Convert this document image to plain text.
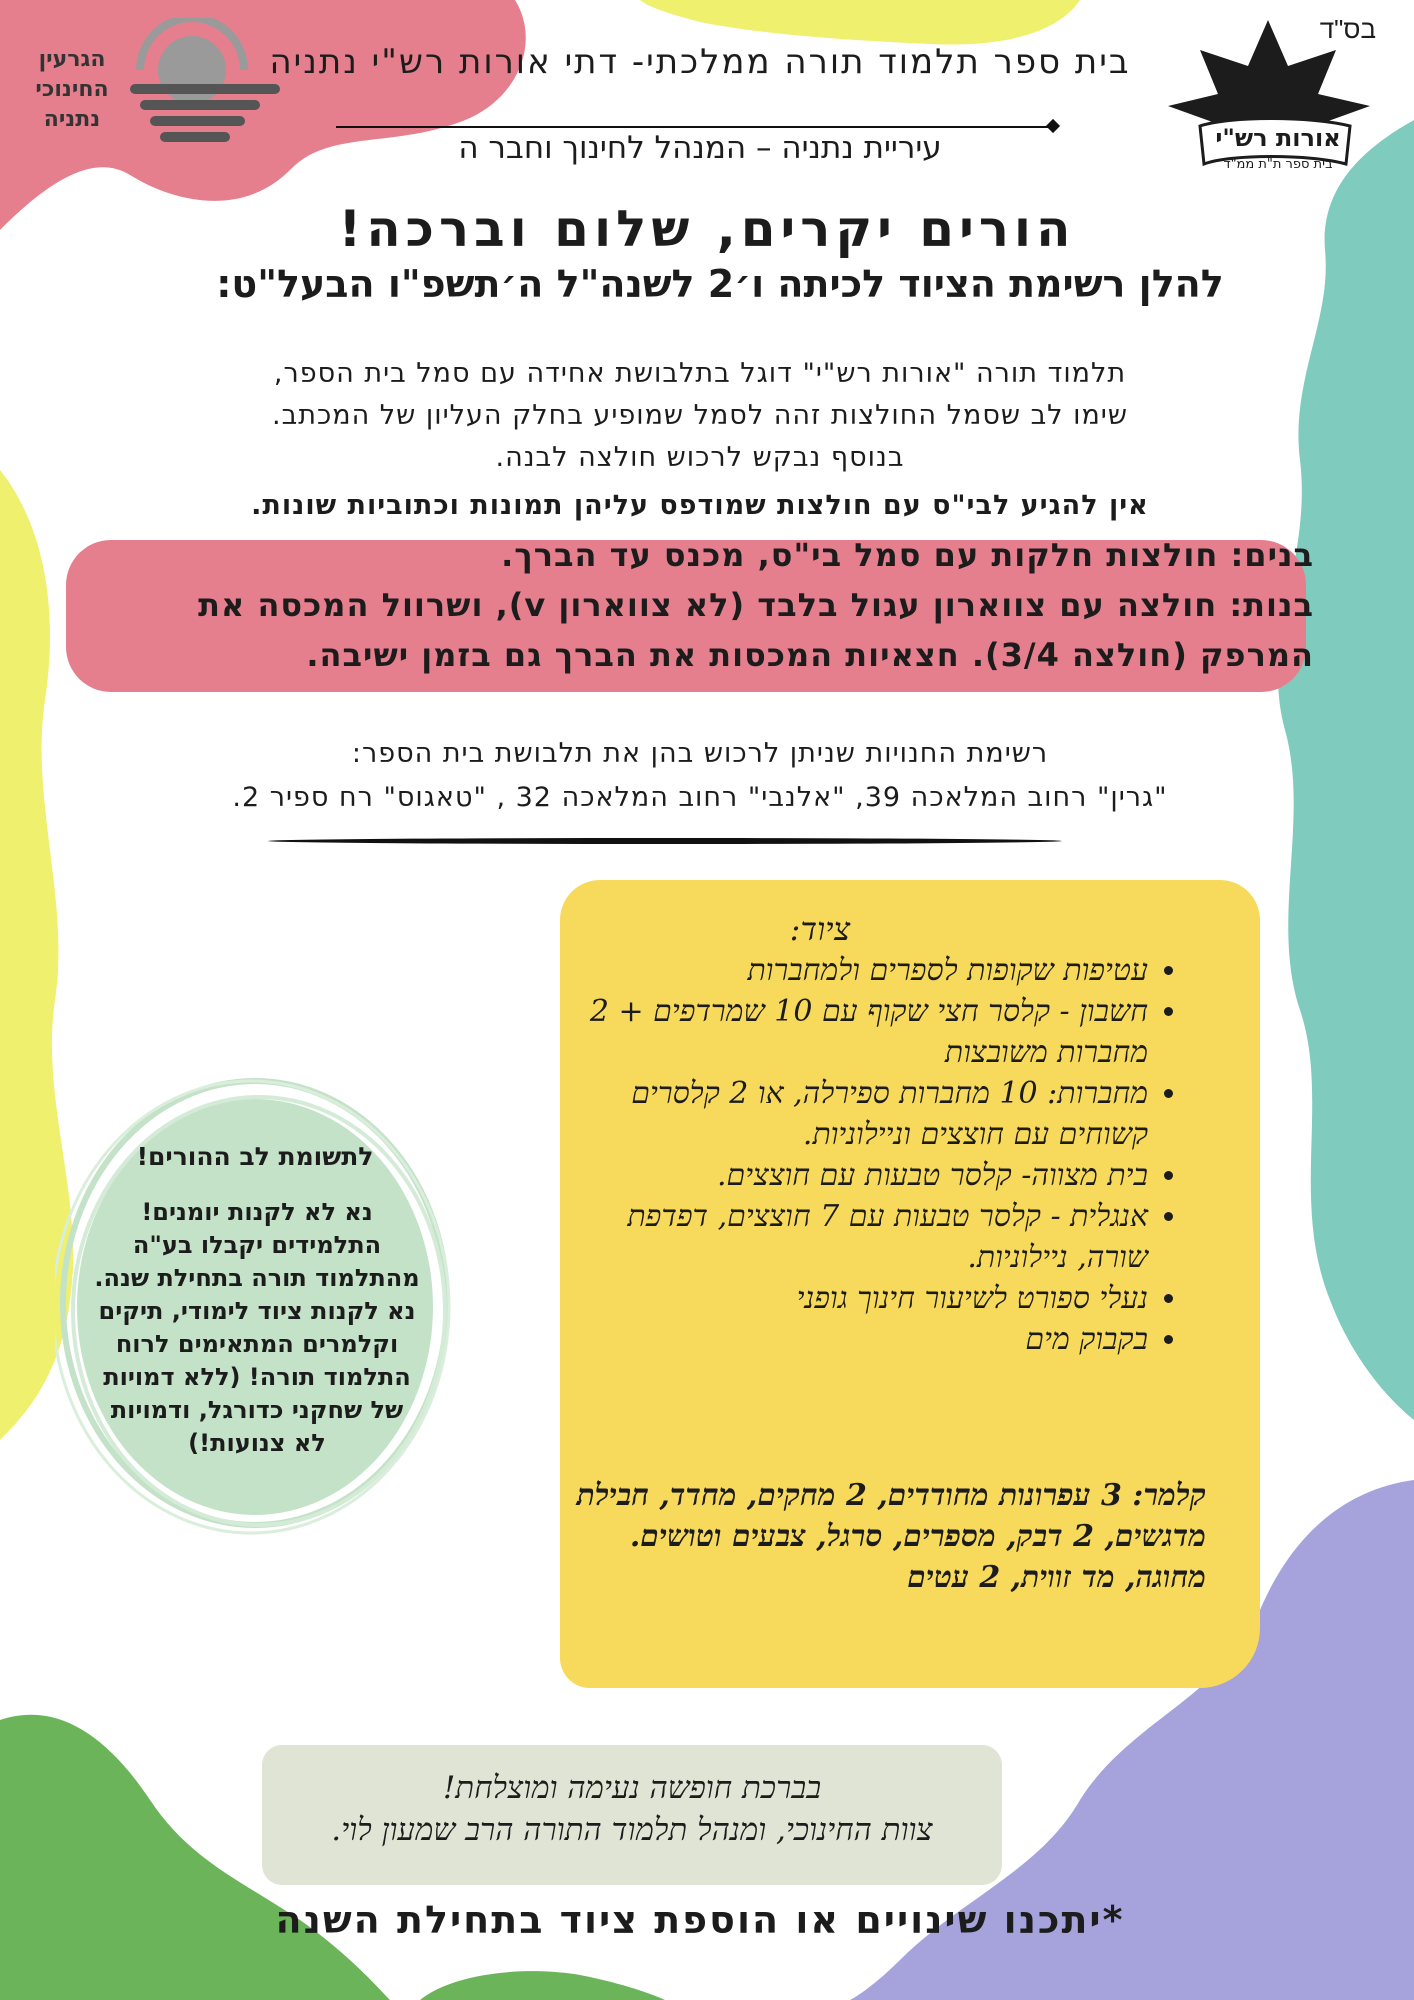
הגרעין
החינוכי
נתניה
אורות רש"י
בית ספר ת"ת ממ"ד
בס"ד
בית ספר תלמוד תורה ממלכתי- דתי אורות רש"י נתניה
עיריית נתניה – המנהל לחינוך וחבר ה
הורים יקרים, שלום וברכה!
להלן רשימת הציוד לכיתה ו׳2 לשנה"ל ה׳תשפ"ו הבעל"ט:
תלמוד תורה "אורות רש"י" דוגל בתלבושת אחידה עם סמל בית הספר,
שימו לב שסמל החולצות זהה לסמל שמופיע בחלק העליון של המכתב.
בנוסף נבקש לרכוש חולצה לבנה.
אין להגיע לבי"ס עם חולצות שמודפס עליהן תמונות וכתוביות שונות.
בנים: חולצות חלקות עם סמל בי"ס, מכנס עד הברך.
בנות: חולצה עם צווארון עגול בלבד (לא צווארון v), ושרוול המכסה את
המרפק (חולצה 3/4). חצאיות המכסות את הברך גם בזמן ישיבה.
רשימת החנויות שניתן לרכוש בהן את תלבושת בית הספר:
"גרין" רחוב המלאכה 39, "אלנבי" רחוב המלאכה 32 , "טאגוס" רח ספיר 2.
ציוד:
• עטיפות שקופות לספרים ולמחברות
• חשבון - קלסר חצי שקוף עם 10 שמרדפים + 2 מחברות משובצות
• מחברות: 10 מחברות ספירלה, או 2 קלסרים קשוחים עם חוצצים וניילוניות.
• בית מצווה- קלסר טבעות עם חוצצים.
• אנגלית - קלסר טבעות עם 7 חוצצים, דפדפת שורה, ניילוניות.
• נעלי ספורט לשיעור חינוך גופני
• בקבוק מים

קלמר: 3 עפרונות מחודדים, 2 מחקים, מחדד, חבילת מדגשים, 2 דבק, מספרים, סרגל, צבעים וטושים. מחוגה, מד זווית, 2 עטים

לתשומת לב ההורים!

נא לא לקנות יומנים! התלמידים יקבלו בע"ה מהתלמוד תורה בתחילת שנה. נא לקנות ציוד לימודי, תיקים וקלמרים המתאימים לרוח התלמוד תורה! (ללא דמויות של שחקני כדורגל, ודמויות לא צנועות!)

בברכת חופשה נעימה ומוצלחת!
צוות החינוכי, ומנהל תלמוד התורה הרב שמעון לוי.
*יתכנו שינויים או הוספת ציוד בתחילת השנה
